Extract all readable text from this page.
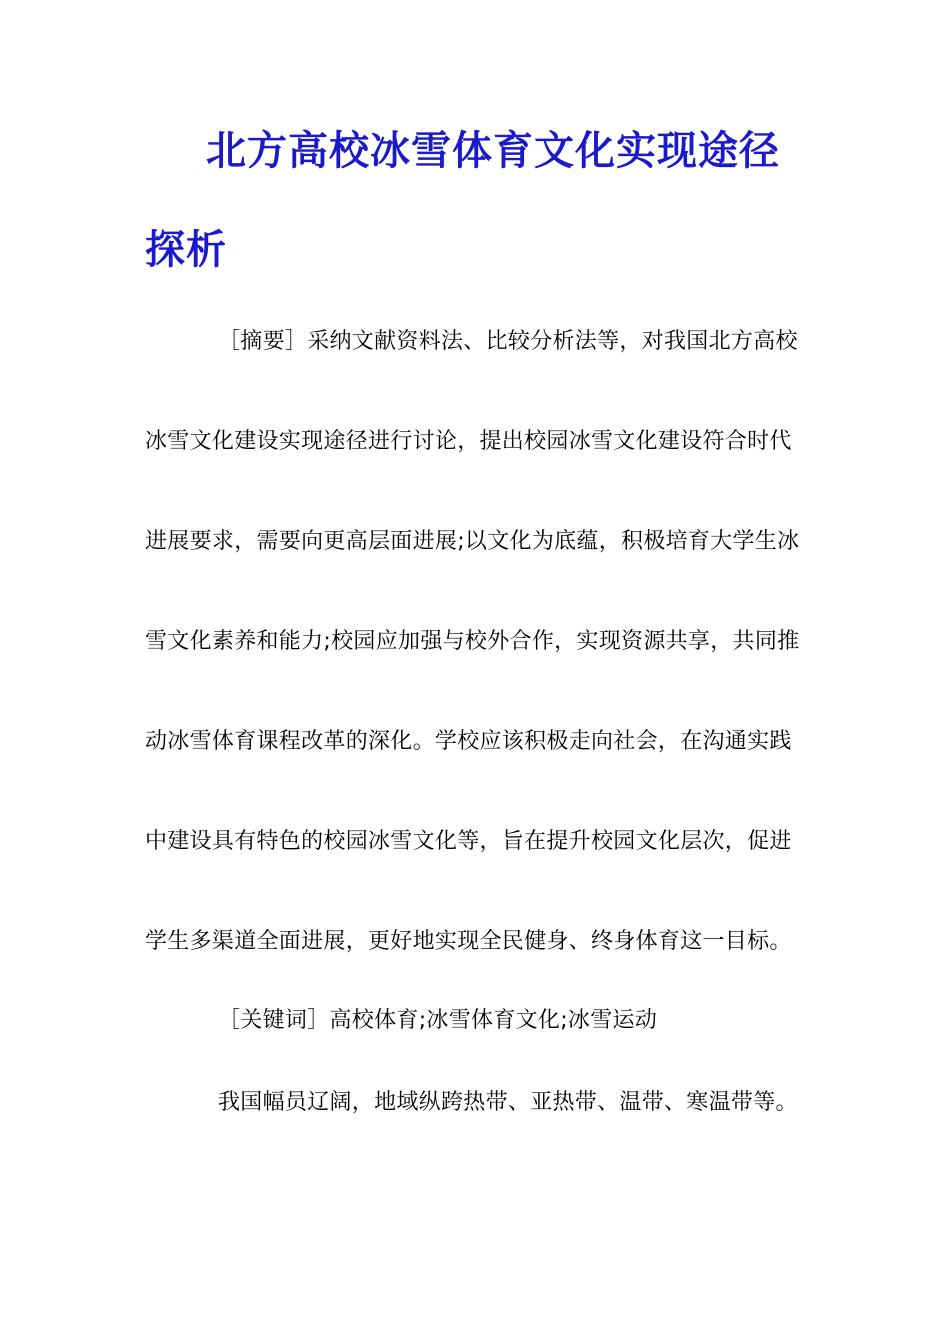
北方高校冰雪体育文化实现途径
探析
［摘要］采纳文献资料法、比较分析法等，对我国北方高校
冰雪文化建设实现途径进行讨论，提出校园冰雪文化建设符合时代
进展要求，需要向更高层面进展;以文化为底蕴，积极培育大学生冰
雪文化素养和能力;校园应加强与校外合作，实现资源共享，共同推
动冰雪体育课程改革的深化。学校应该积极走向社会，在沟通实践
中建设具有特色的校园冰雪文化等，旨在提升校园文化层次，促进
学生多渠道全面进展，更好地实现全民健身、终身体育这一目标。
［关键词］高校体育;冰雪体育文化;冰雪运动
我国幅员辽阔，地域纵跨热带、亚热带、温带、寒温带等。
